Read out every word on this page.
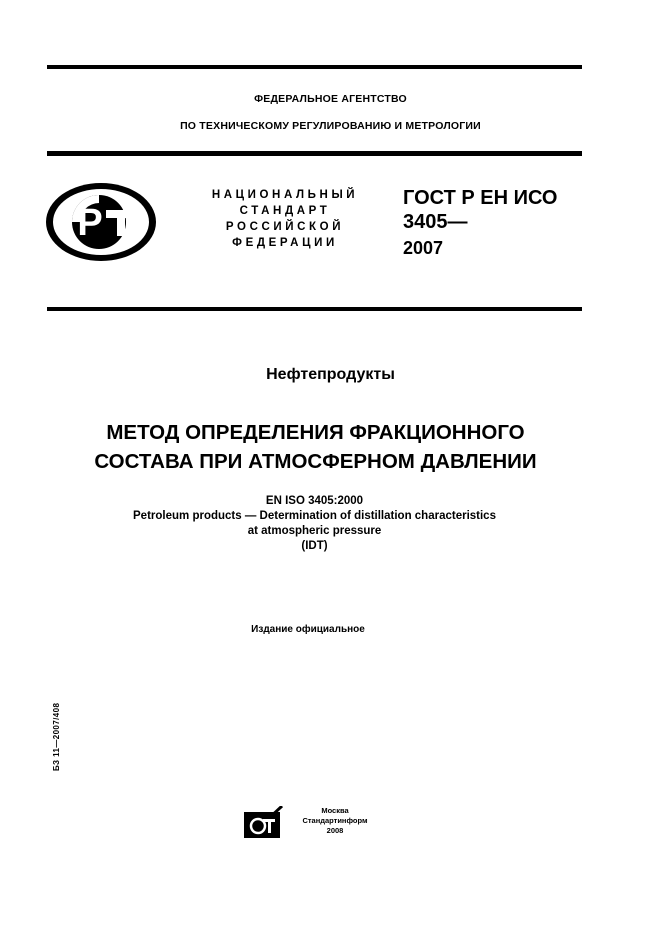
ФЕДЕРАЛЬНОЕ АГЕНТСТВО
ПО ТЕХНИЧЕСКОМУ РЕГУЛИРОВАНИЮ И МЕТРОЛОГИИ
P
НАЦИОНАЛЬНЫЙ
СТАНДАРТ
РОССИЙСКОЙ
ФЕДЕРАЦИИ
ГОСТ Р ЕН ИСО
3405—
2007
Нефтепродукты
МЕТОД ОПРЕДЕЛЕНИЯ ФРАКЦИОННОГО
СОСТАВА ПРИ АТМОСФЕРНОМ ДАВЛЕНИИ
EN ISO 3405:2000
Petroleum products — Determination of distillation characteristics
at atmospheric pressure
(IDT)
Издание официальное
БЗ 11—2007/408
Москва
Стандартинформ
2008
